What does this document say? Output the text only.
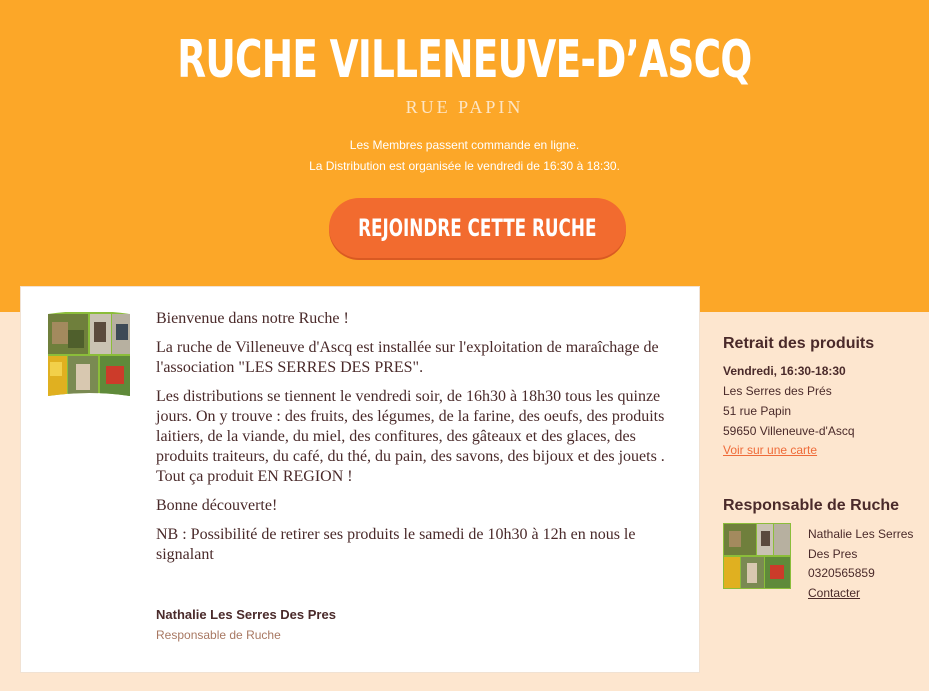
RUCHE VILLENEUVE-D’ASCQ
RUE PAPIN
Les Membres passent commande en ligne.
La Distribution est organisée le vendredi de 16:30 à 18:30.
REJOINDRE CETTE RUCHE

Bienvenue dans notre Ruche !

La ruche de Villeneuve d'Ascq est installée sur l'exploitation de maraîchage de l'association "LES SERRES DES PRES".

Les distributions se tiennent le vendredi soir, de 16h30 à 18h30 tous les quinze jours. On y trouve : des fruits, des légumes, de la farine, des oeufs, des produits laitiers, de la viande, du miel, des confitures, des gâteaux et des glaces, des produits traiteurs, du café, du thé, du pain, des savons, des bijoux et des jouets . Tout ça produit EN REGION !

Bonne découverte!

NB : Possibilité de retirer ses produits le samedi de 10h30 à 12h en nous le signalant

Nathalie Les Serres Des Pres
Responsable de Ruche
Retrait des produits
Vendredi, 16:30-18:30
Les Serres des Prés
51 rue Papin
59650 Villeneuve-d'Ascq
Voir sur une carte
Responsable de Ruche
Nathalie Les Serres
Des Pres
0320565859
Contacter
